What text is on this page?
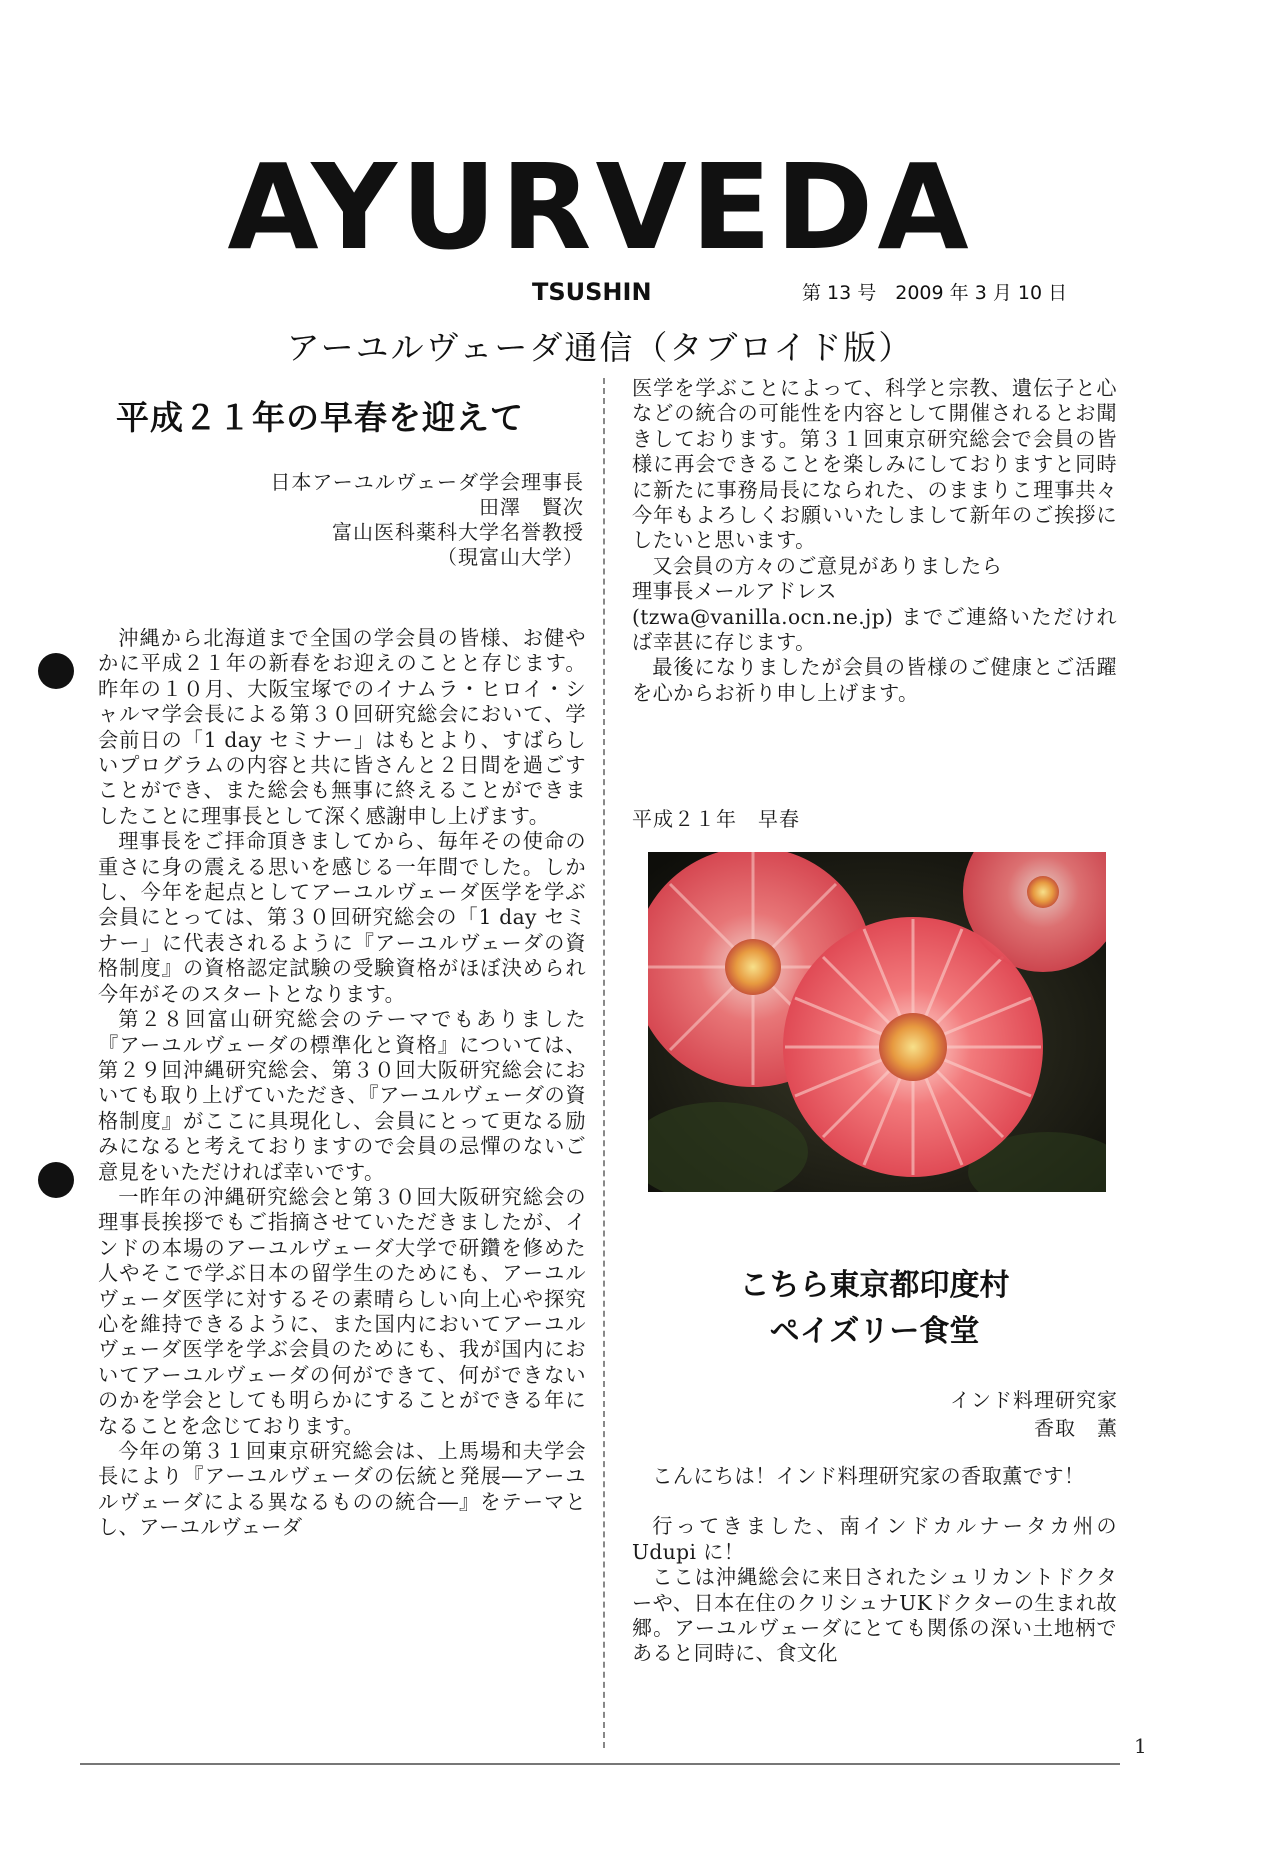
AYURVEDA
TSUSHIN	第 13 号　2009 年 3 月 10 日
アーユルヴェーダ通信（タブロイド版）
平成２１年の早春を迎えて
日本アーユルヴェーダ学会理事長
田澤　賢次
富山医科薬科大学名誉教授
（現富山大学）

沖縄から北海道まで全国の学会員の皆様、お健やかに平成２１年の新春をお迎えのことと存じます。昨年の１０月、大阪宝塚でのイナムラ・ヒロイ・シャルマ学会長による第３０回研究総会において、学会前日の「1 day セミナー」はもとより、すばらしいプログラムの内容と共に皆さんと２日間を過ごすことができ、また総会も無事に終えることができましたことに理事長として深く感謝申し上げます。

理事長をご拝命頂きましてから、毎年その使命の重さに身の震える思いを感じる一年間でした。しかし、今年を起点としてアーユルヴェーダ医学を学ぶ会員にとっては、第３０回研究総会の「1 day セミナー」に代表されるように『アーユルヴェーダの資格制度』の資格認定試験の受験資格がほぼ決められ今年がそのスタートとなります。

第２８回富山研究総会のテーマでもありました『アーユルヴェーダの標準化と資格』については、第２９回沖縄研究総会、第３０回大阪研究総会においても取り上げていただき、『アーユルヴェーダの資格制度』がここに具現化し、会員にとって更なる励みになると考えておりますので会員の忌憚のないご意見をいただければ幸いです。

一昨年の沖縄研究総会と第３０回大阪研究総会の理事長挨拶でもご指摘させていただきましたが、インドの本場のアーユルヴェーダ大学で研鑽を修めた人やそこで学ぶ日本の留学生のためにも、アーユルヴェーダ医学に対するその素晴らしい向上心や探究心を維持できるように、また国内においてアーユルヴェーダ医学を学ぶ会員のためにも、我が国内においてアーユルヴェーダの何ができて、何ができないのかを学会としても明らかにすることができる年になることを念じております。

今年の第３１回東京研究総会は、上馬場和夫学会長により『アーユルヴェーダの伝統と発展―アーユルヴェーダによる異なるものの統合―』をテーマとし、アーユルヴェーダ

医学を学ぶことによって、科学と宗教、遺伝子と心などの統合の可能性を内容として開催されるとお聞きしております。第３１回東京研究総会で会員の皆様に再会できることを楽しみにしておりますと同時に新たに事務局長になられた、のままりこ理事共々今年もよろしくお願いいたしまして新年のご挨拶にしたいと思います。

又会員の方々のご意見がありましたら

理事長メールアドレス

(tzwa@vanilla.ocn.ne.jp) までご連絡いただければ幸甚に存じます。

最後になりましたが会員の皆様のご健康とご活躍を心からお祈り申し上げます。

平成２１年　早春
こちら東京都印度村
ペイズリー食堂
インド料理研究家
香取　薫

こんにちは！インド料理研究家の香取薫です！

行ってきました、南インドカルナータカ州の Udupi に！

ここは沖縄総会に来日されたシュリカントドクターや、日本在住のクリシュナUKドクターの生まれ故郷。アーユルヴェーダにとても関係の深い土地柄であると同時に、食文化

1
